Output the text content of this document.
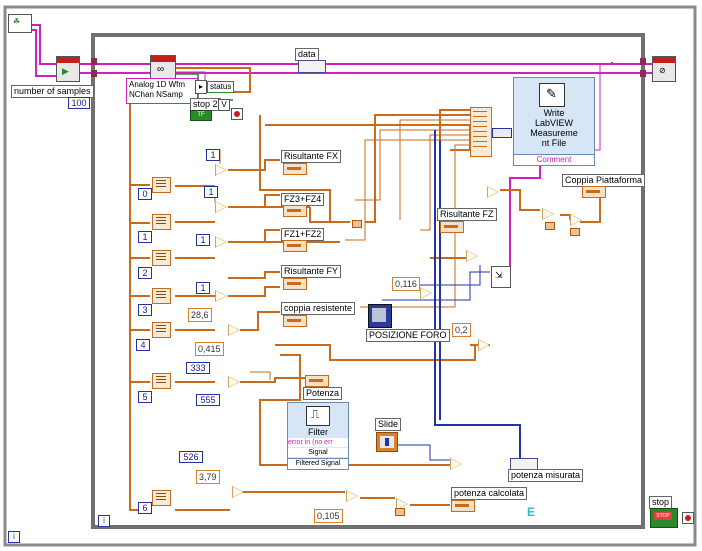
☘
▶	∞	⊘
number of samples
100
data
Analog 1D Wfm
NChan NSamp
▸ status
stop 2
TF
V
✎
Write
LabVIEW
Measureme
nt File
Comment
Coppia Piattaforma
0
1
2
3
4
5
6
1
1
1
1
28,6
0,415
333
555
526
3,79
0,105
0,116
0,2
Risultante FX
FZ3+FZ4
FZ1+FZ2
Risultante FZ
Risultante FY
coppia resistente
Potenza
⇲
POSIZIONE FORO
⎍
Filter
error in (no err
Signal
Filtered Signal
Slide
potenza misurata
potenza calcolata
E
i
i
stop
STOP
